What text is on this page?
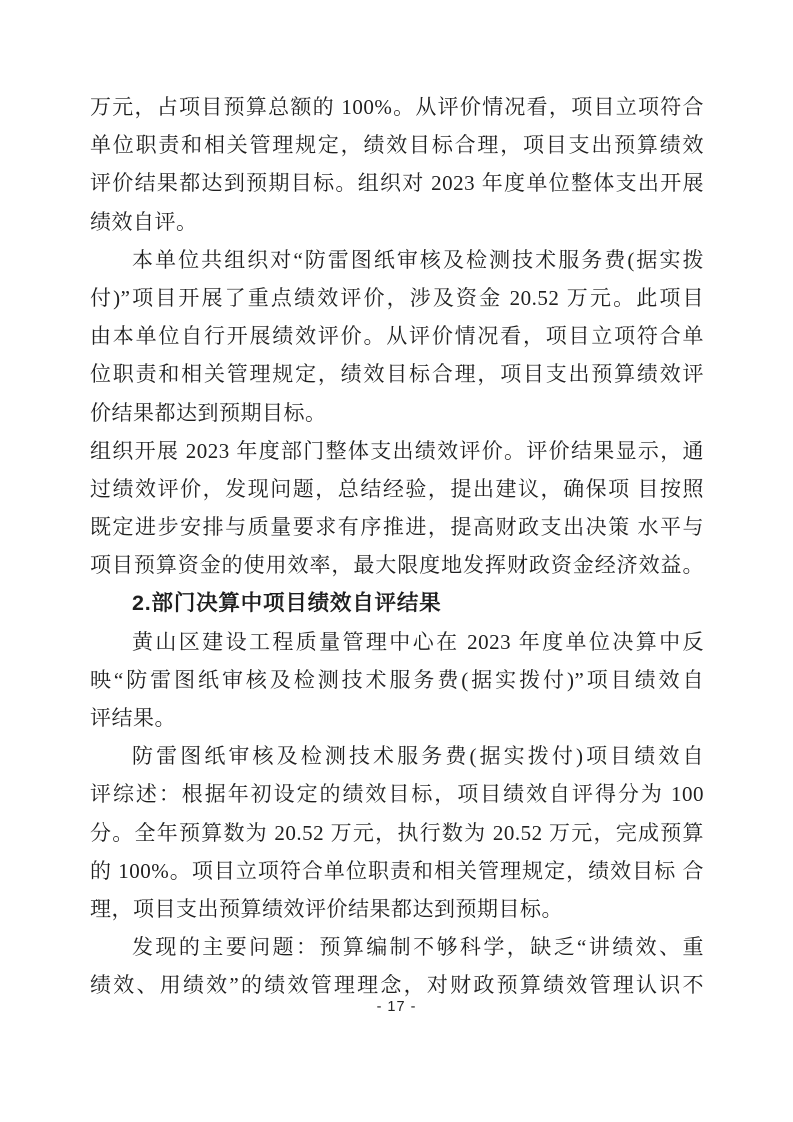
万元，占项目预算总额的 100%。从评价情况看，项目立项符合
单位职责和相关管理规定，绩效目标合理，项目支出预算绩效
评价结果都达到预期目标。组织对 2023 年度单位整体支出开展
绩效自评。
本单位共组织对“防雷图纸审核及检测技术服务费(据实拨
付)”项目开展了重点绩效评价，涉及资金 20.52 万元。此项目
由本单位自行开展绩效评价。从评价情况看，项目立项符合单
位职责和相关管理规定，绩效目标合理，项目支出预算绩效评
价结果都达到预期目标。
组织开展 2023 年度部门整体支出绩效评价。评价结果显示，通
过绩效评价，发现问题，总结经验，提出建议，确保项 目按照
既定进步安排与质量要求有序推进，提高财政支出决策 水平与
项目预算资金的使用效率，最大限度地发挥财政资金经济效益。
2.部门决算中项目绩效自评结果
黄山区建设工程质量管理中心在 2023 年度单位决算中反
映“防雷图纸审核及检测技术服务费(据实拨付)”项目绩效自
评结果。
防雷图纸审核及检测技术服务费(据实拨付)项目绩效自
评综述：根据年初设定的绩效目标，项目绩效自评得分为 100
分。全年预算数为 20.52 万元，执行数为 20.52 万元，完成预算
的 100%。项目立项符合单位职责和相关管理规定，绩效目标 合
理，项目支出预算绩效评价结果都达到预期目标。
发现的主要问题：预算编制不够科学，缺乏“讲绩效、重
绩效、用绩效”的绩效管理理念，对财政预算绩效管理认识不
- 17 -
